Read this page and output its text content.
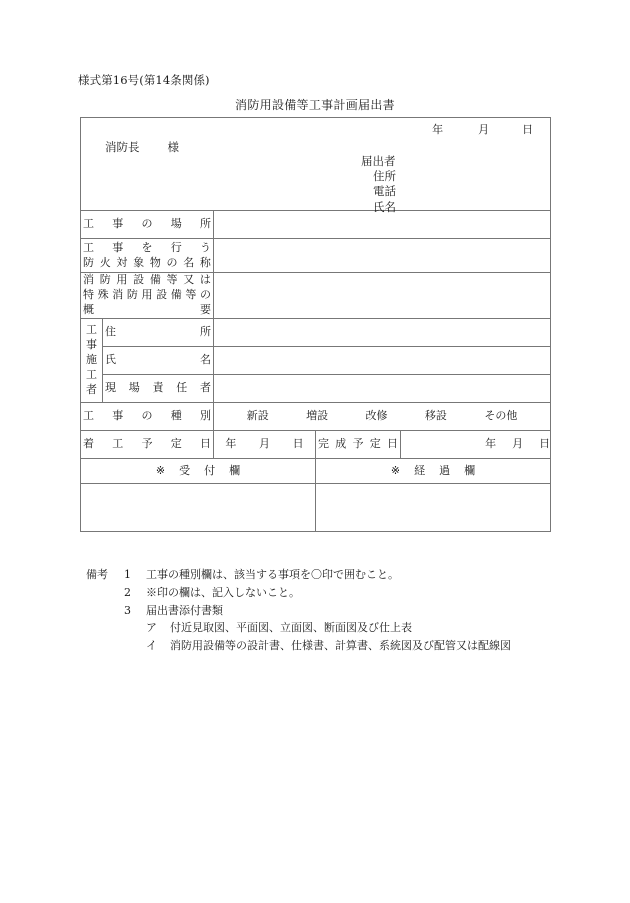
様式第16号(第14条関係)
消防用設備等工事計画届出書
年	月	日
消防長 様
届出者
住所
電話
氏名

工 事 の 場 所				

工 事 を 行 う
防 火 対 象 物 の 名 称

消 防 用 設 備 等 又 は
特 殊 消 防 用 設 備 等 の
概	要

工
事
施
工
者	住 所			

	氏 名			

	現 場 責 任 者			

工 事 の 種 別		新設 増設 改修 移設 その他		

着 工 予 定 日		年 月 日	完 成 予 定 日	年 月 日

※ 受 付 欄			※ 経 過 欄	

備考	1	工事の種別欄は、該当する事項を〇印で囲むこと。
2	※印の欄は、記入しないこと。
3	届出書添付書類
ア	付近見取図、平面図、立面図、断面図及び仕上表
イ	消防用設備等の設計書、仕様書、計算書、系統図及び配管又は配線図
